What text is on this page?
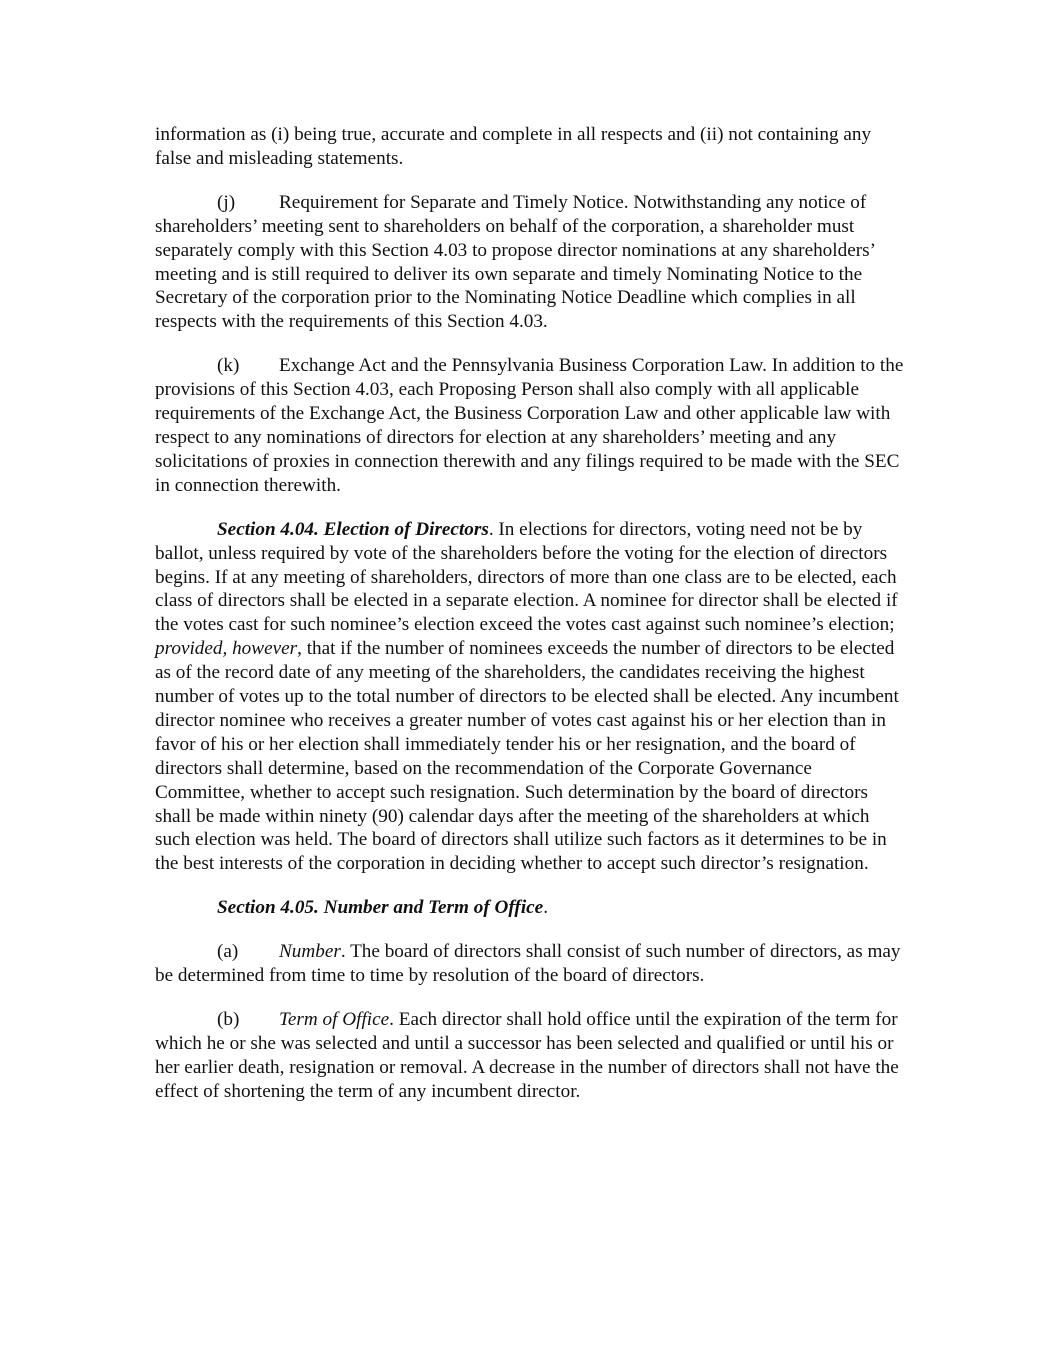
information as (i) being true, accurate and complete in all respects and (ii) not containing any false and misleading statements.

(j) Requirement for Separate and Timely Notice. Notwithstanding any notice of shareholders’ meeting sent to shareholders on behalf of the corporation, a shareholder must separately comply with this Section 4.03 to propose director nominations at any shareholders’ meeting and is still required to deliver its own separate and timely Nominating Notice to the Secretary of the corporation prior to the Nominating Notice Deadline which complies in all respects with the requirements of this Section 4.03.

(k) Exchange Act and the Pennsylvania Business Corporation Law. In addition to the provisions of this Section 4.03, each Proposing Person shall also comply with all applicable requirements of the Exchange Act, the Business Corporation Law and other applicable law with respect to any nominations of directors for election at any shareholders’ meeting and any solicitations of proxies in connection therewith and any filings required to be made with the SEC in connection therewith.

Section 4.04. Election of Directors. In elections for directors, voting need not be by ballot, unless required by vote of the shareholders before the voting for the election of directors begins. If at any meeting of shareholders, directors of more than one class are to be elected, each class of directors shall be elected in a separate election. A nominee for director shall be elected if the votes cast for such nominee’s election exceed the votes cast against such nominee’s election; provided, however, that if the number of nominees exceeds the number of directors to be elected as of the record date of any meeting of the shareholders, the candidates receiving the highest number of votes up to the total number of directors to be elected shall be elected. Any incumbent director nominee who receives a greater number of votes cast against his or her election than in favor of his or her election shall immediately tender his or her resignation, and the board of directors shall determine, based on the recommendation of the Corporate Governance Committee, whether to accept such resignation. Such determination by the board of directors shall be made within ninety (90) calendar days after the meeting of the shareholders at which such election was held. The board of directors shall utilize such factors as it determines to be in the best interests of the corporation in deciding whether to accept such director’s resignation.

Section 4.05. Number and Term of Office.

(a) Number. The board of directors shall consist of such number of directors, as may be determined from time to time by resolution of the board of directors.

(b) Term of Office. Each director shall hold office until the expiration of the term for which he or she was selected and until a successor has been selected and qualified or until his or her earlier death, resignation or removal. A decrease in the number of directors shall not have the effect of shortening the term of any incumbent director.
